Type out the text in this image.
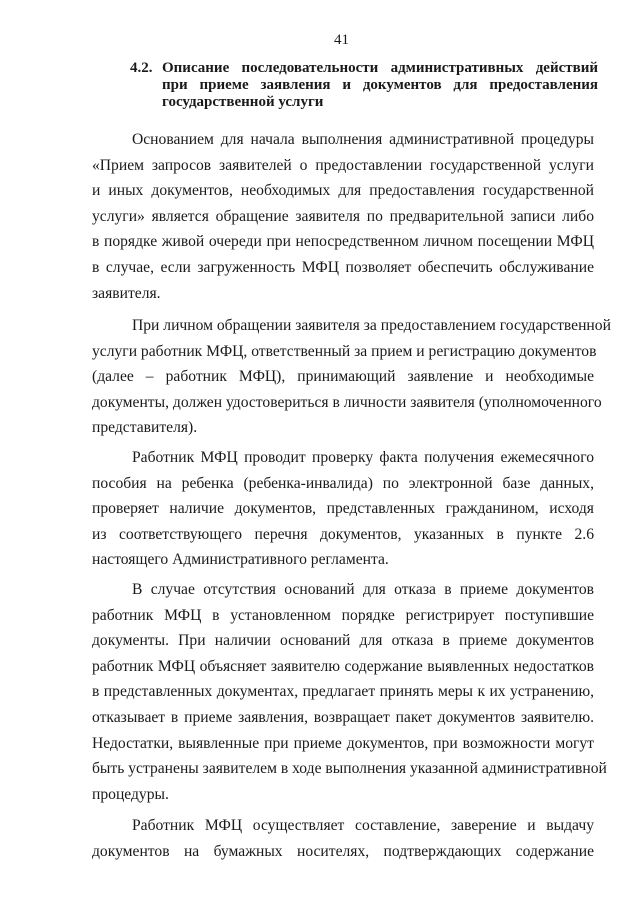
41
4.2. Описание последовательности административных действий
при приеме заявления и документов для предоставления
государственной услуги
Основанием для начала выполнения административной процедуры
«Прием запросов заявителей о предоставлении государственной услуги
и иных документов, необходимых для предоставления государственной
услуги» является обращение заявителя по предварительной записи либо
в порядке живой очереди при непосредственном личном посещении МФЦ
в случае, если загруженность МФЦ позволяет обеспечить обслуживание
заявителя.
При личном обращении заявителя за предоставлением государственной
услуги работник МФЦ, ответственный за прием и регистрацию документов
(далее – работник МФЦ), принимающий заявление и необходимые
документы, должен удостовериться в личности заявителя (уполномоченного
представителя).
Работник МФЦ проводит проверку факта получения ежемесячного
пособия на ребенка (ребенка-инвалида) по электронной базе данных,
проверяет наличие документов, представленных гражданином, исходя
из соответствующего перечня документов, указанных в пункте 2.6
настоящего Административного регламента.
В случае отсутствия оснований для отказа в приеме документов
работник МФЦ в установленном порядке регистрирует поступившие
документы. При наличии оснований для отказа в приеме документов
работник МФЦ объясняет заявителю содержание выявленных недостатков
в представленных документах, предлагает принять меры к их устранению,
отказывает в приеме заявления, возвращает пакет документов заявителю.
Недостатки, выявленные при приеме документов, при возможности могут
быть устранены заявителем в ходе выполнения указанной административной
процедуры.
Работник МФЦ осуществляет составление, заверение и выдачу
документов на бумажных носителях, подтверждающих содержание
